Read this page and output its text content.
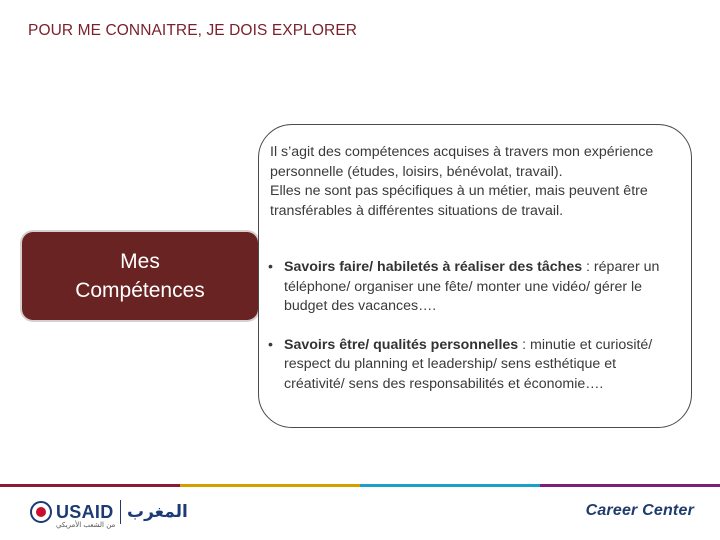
POUR ME CONNAITRE, JE DOIS EXPLORER
Mes
Compétences

Il s’agit des compétences acquises à travers mon expérience personnelle (études, loisirs, bénévolat, travail).

Elles ne sont pas spécifiques à un métier, mais peuvent être transférables à différentes situations de travail.

• Savoirs faire/ habiletés à réaliser des tâches : réparer un téléphone/ organiser une fête/ monter une vidéo/ gérer le budget des vacances….
• Savoirs être/ qualités personnelles : minutie et curiosité/ respect du planning et leadership/ sens esthétique et créativité/ sens des responsabilités et économie….
USAID المغرب
من الشعب الأمريكي
Career Center
